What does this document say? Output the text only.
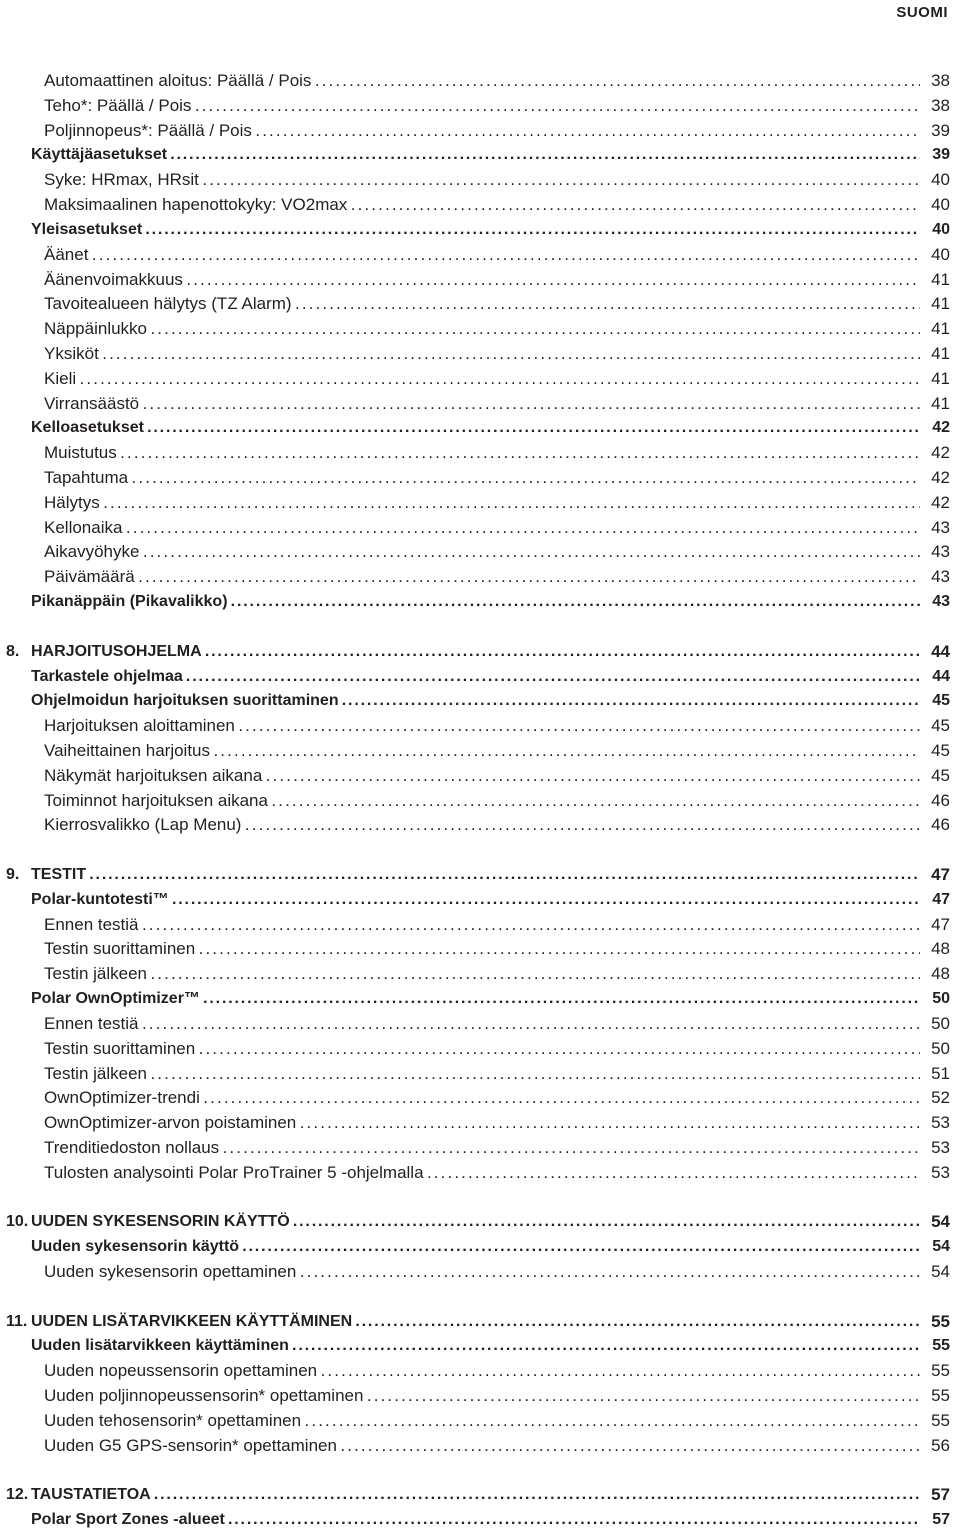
SUOMI
Automaattinen aloitus: Päällä / Pois . . .	38
Teho*: Päällä / Pois . . .	38
Poljinnopeus*: Päällä / Pois . . .	39
Käyttäjäasetukset . . .	39
Syke: HRmax, HRsit . . .	40
Maksimaalinen hapenottokyky: VO2max . . .	40
Yleisasetukset . . .	40
Äänet . . .	40
Äänenvoimakkuus . . .	41
Tavoitealueen hälytys (TZ Alarm) . . .	41
Näppäinlukko . . .	41
Yksiköt . . .	41
Kieli . . .	41
Virransäästö . . .	41
Kelloasetukset . . .	42
Muistutus . . .	42
Tapahtuma . . .	42
Hälytys . . .	42
Kellonaika . . .	43
Aikavyöhyke . . .	43
Päivämäärä . . .	43
Pikanäppäin (Pikavalikko) . . .	43
8. HARJOITUSOHJELMA . . .	44
Tarkastele ohjelmaa . . .	44
Ohjelmoidun harjoituksen suorittaminen . . .	45
Harjoituksen aloittaminen . . .	45
Vaiheittainen harjoitus . . .	45
Näkymät harjoituksen aikana . . .	45
Toiminnot harjoituksen aikana . . .	46
Kierrosvalikko (Lap Menu) . . .	46
9. TESTIT . . .	47
Polar-kuntotesti™ . . .	47
Ennen testiä . . .	47
Testin suorittaminen . . .	48
Testin jälkeen . . .	48
Polar OwnOptimizer™ . . .	50
Ennen testiä . . .	50
Testin suorittaminen . . .	50
Testin jälkeen . . .	51
OwnOptimizer-trendi . . .	52
OwnOptimizer-arvon poistaminen . . .	53
Trenditiedoston nollaus . . .	53
Tulosten analysointi Polar ProTrainer 5 -ohjelmalla . . .	53
10. UUDEN SYKESENSORIN KÄYTTÖ . . .	54
Uuden sykesensorin käyttö . . .	54
Uuden sykesensorin opettaminen . . .	54
11. UUDEN LISÄTARVIKKEEN KÄYTTÄMINEN . . .	55
Uuden lisätarvikkeen käyttäminen . . .	55
Uuden nopeussensorin opettaminen . . .	55
Uuden poljinnopeussensorin* opettaminen . . .	55
Uuden tehosensorin* opettaminen . . .	55
Uuden G5 GPS-sensorin* opettaminen . . .	56
12. TAUSTATIETOA . . .	57
Polar Sport Zones -alueet . . .	57
